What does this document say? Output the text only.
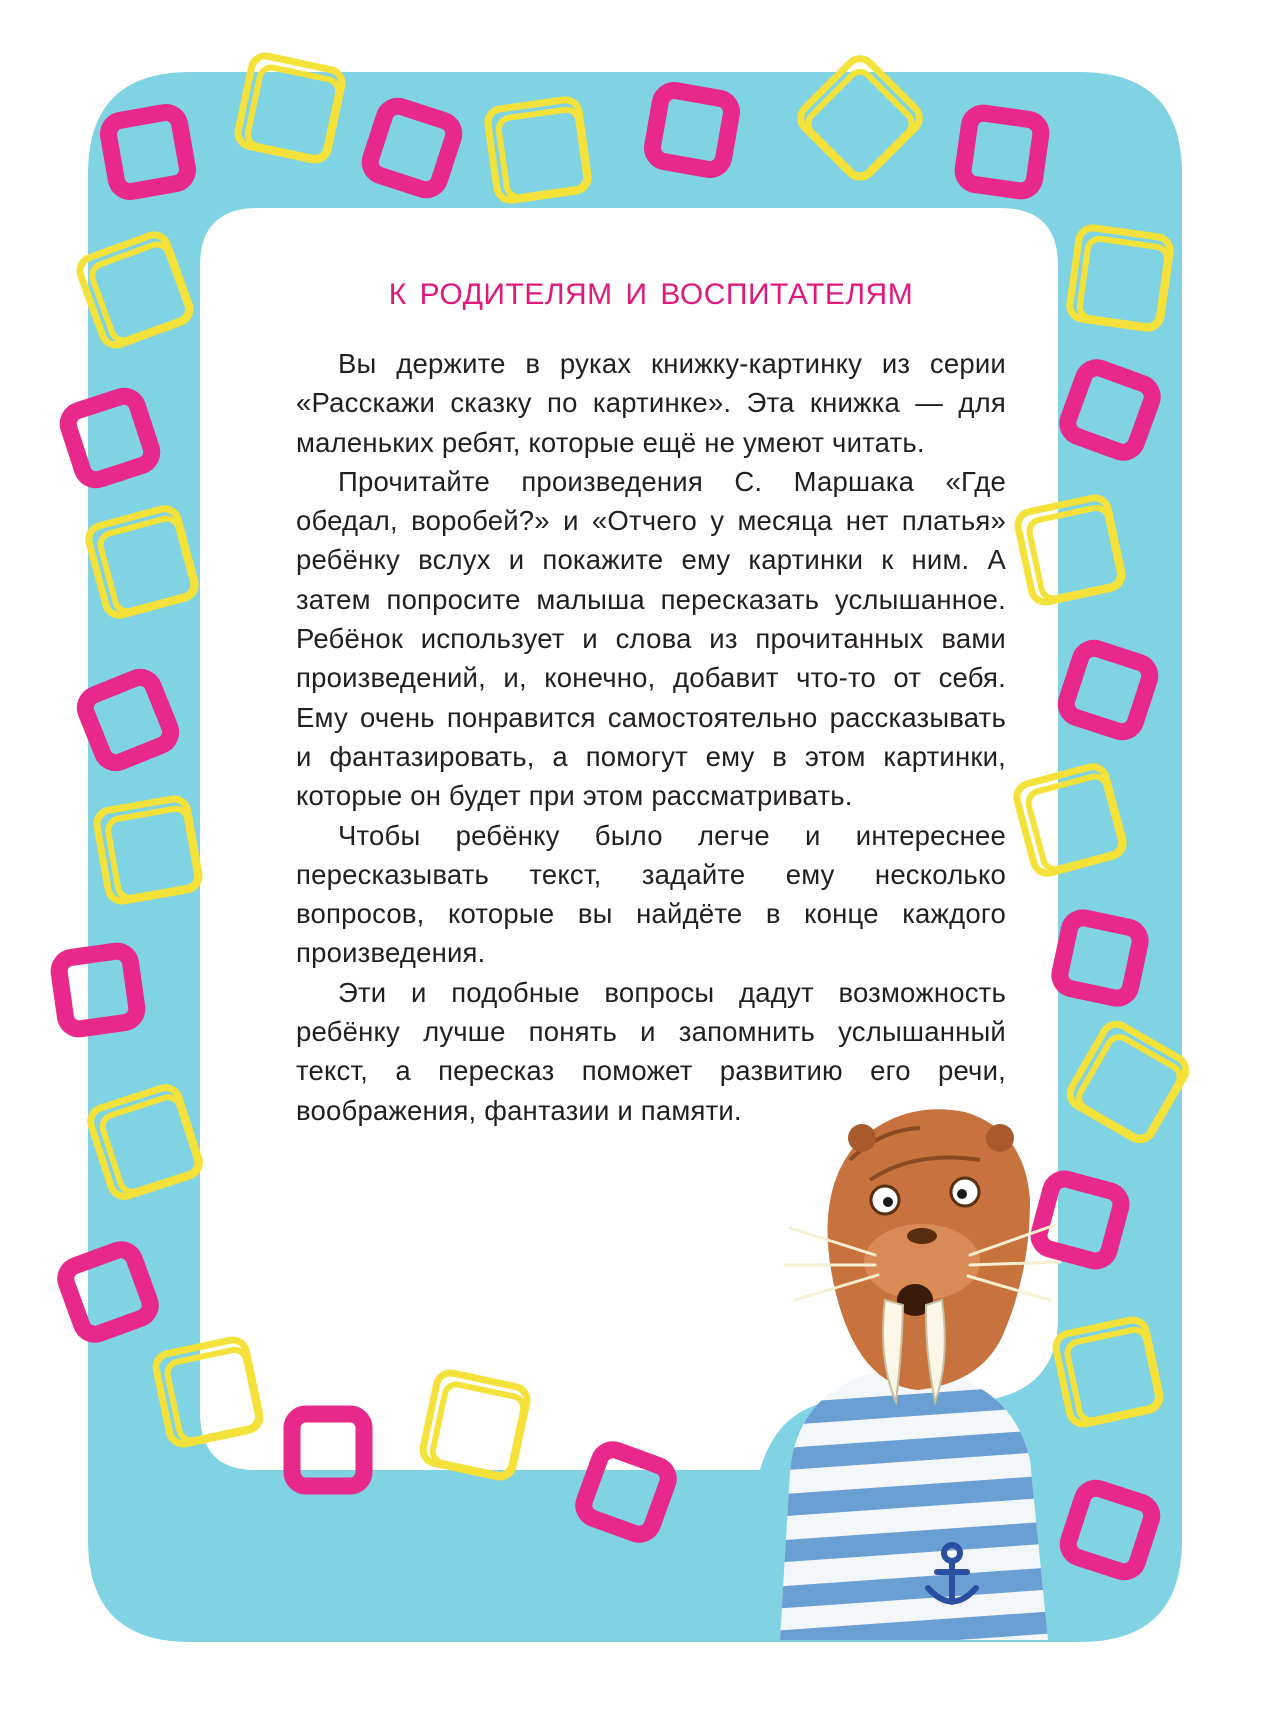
К РОДИТЕЛЯМ И ВОСПИТАТЕЛЯМ

Вы держите в руках книжку-картинку из серии «Расскажи сказку по картинке». Эта книжка — для маленьких ребят, которые ещё не умеют читать.

Прочитайте произведения С. Маршака «Где обедал, воробей?» и «Отчего у месяца нет платья» ребёнку вслух и покажите ему картинки к ним. А затем попросите малыша пересказать услышанное. Ребёнок использует и слова из прочитанных вами произведений, и, конечно, добавит что-то от себя. Ему очень понравится самостоятельно рассказывать и фантазировать, а помогут ему в этом картинки, которые он будет при этом рассматривать.

Чтобы ребёнку было легче и интереснее пересказывать текст, задайте ему несколько вопросов, которые вы найдёте в конце каждого произведения.

Эти и подобные вопросы дадут возможность ребёнку лучше понять и запомнить услышанный текст, а пересказ поможет развитию его речи, воображения, фантазии и памяти.
